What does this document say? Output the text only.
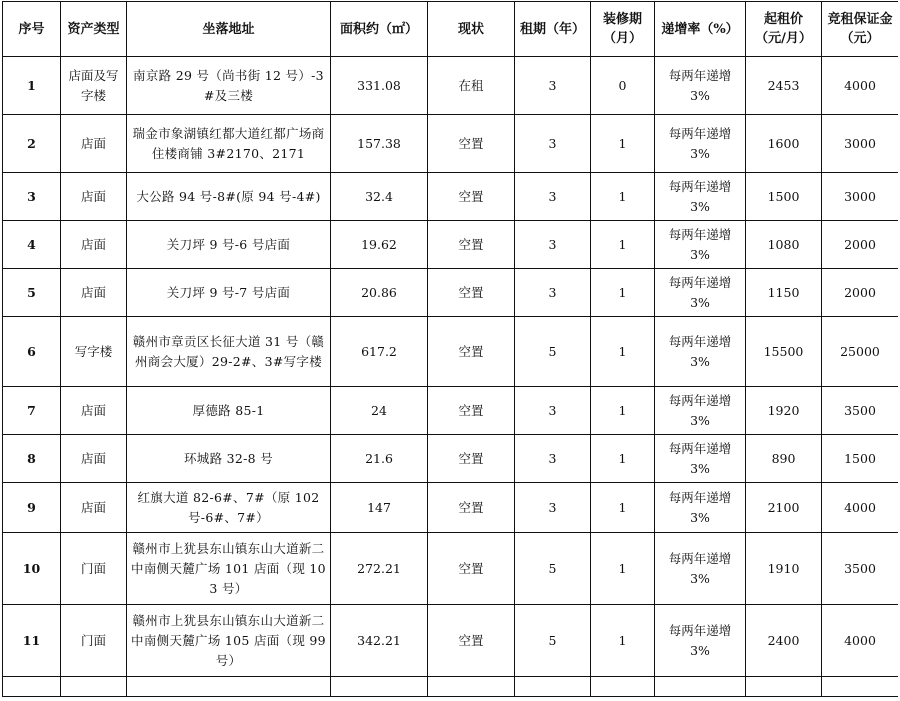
序号	资产类型	坐落地址	面积约（㎡）	现状	租期（年）	装修期（月）	递增率（%）	起租价（元/月）	竞租保证金（元）
1	店面及写字楼	南京路 29 号（尚书街 12 号）-3#及三楼	331.08	在租	3	0	每两年递增 3%	2453	4000
2	店面	瑞金市象湖镇红都大道红都广场商住楼商铺 3#2170、2171	157.38	空置	3	1	每两年递增 3%	1600	3000
3	店面	大公路 94 号-8#(原 94 号-4#)	32.4	空置	3	1	每两年递增 3%	1500	3000
4	店面	关刀坪 9 号-6 号店面	19.62	空置	3	1	每两年递增 3%	1080	2000
5	店面	关刀坪 9 号-7 号店面	20.86	空置	3	1	每两年递增 3%	1150	2000
6	写字楼	赣州市章贡区长征大道 31 号（赣州商会大厦）29-2#、3#写字楼	617.2	空置	5	1	每两年递增 3%	15500	25000
7	店面	厚德路 85-1	24	空置	3	1	每两年递增 3%	1920	3500
8	店面	环城路 32-8 号	21.6	空置	3	1	每两年递增 3%	890	1500
9	店面	红旗大道 82-6#、7#（原 102 号-6#、7#）	147	空置	3	1	每两年递增 3%	2100	4000
10	门面	赣州市上犹县东山镇东山大道新二中南侧天麓广场 101 店面（现 103 号）	272.21	空置	5	1	每两年递增 3%	1910	3500
11	门面	赣州市上犹县东山镇东山大道新二中南侧天麓广场 105 店面（现 99 号）	342.21	空置	5	1	每两年递增 3%	2400	4000
